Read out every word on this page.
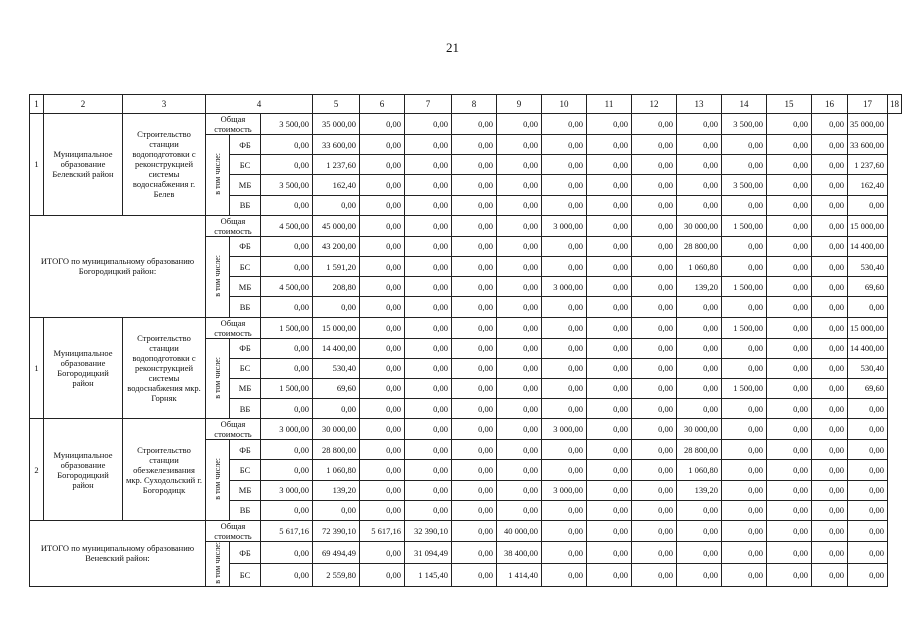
21
1	2	3	4			5	6	7	8	9	10	11	12	13	14	15	16	17	18
1	Муниципальное образование Белевский район	Строительство станции водоподготовки с реконструкцией системы водоснабжения г. Белев	Общая стоимость		3 500,00	35 000,00	0,00	0,00	0,00	0,00	0,00	0,00	0,00	0,00	3 500,00	0,00	0,00	35 000,00	
			в том числе:	ФБ	0,00	33 600,00	0,00	0,00	0,00	0,00	0,00	0,00	0,00	0,00	0,00	0,00	0,00	33 600,00	
				БС	0,00	1 237,60	0,00	0,00	0,00	0,00	0,00	0,00	0,00	0,00	0,00	0,00	0,00	1 237,60	
				МБ	3 500,00	162,40	0,00	0,00	0,00	0,00	0,00	0,00	0,00	0,00	3 500,00	0,00	0,00	162,40	
				ВБ	0,00	0,00	0,00	0,00	0,00	0,00	0,00	0,00	0,00	0,00	0,00	0,00	0,00	0,00	
ИТОГО по муниципальному образованию Богородицкий район:			Общая стоимость		4 500,00	45 000,00	0,00	0,00	0,00	0,00	3 000,00	0,00	0,00	30 000,00	1 500,00	0,00	0,00	15 000,00	
			в том числе:	ФБ	0,00	43 200,00	0,00	0,00	0,00	0,00	0,00	0,00	0,00	28 800,00	0,00	0,00	0,00	14 400,00	
				БС	0,00	1 591,20	0,00	0,00	0,00	0,00	0,00	0,00	0,00	1 060,80	0,00	0,00	0,00	530,40	
				МБ	4 500,00	208,80	0,00	0,00	0,00	0,00	3 000,00	0,00	0,00	139,20	1 500,00	0,00	0,00	69,60	
				ВБ	0,00	0,00	0,00	0,00	0,00	0,00	0,00	0,00	0,00	0,00	0,00	0,00	0,00	0,00	
1	Муниципальное образование Богородицкий район	Строительство станции водоподготовки с реконструкцией системы водоснабжения мкр. Горняк	Общая стоимость		1 500,00	15 000,00	0,00	0,00	0,00	0,00	0,00	0,00	0,00	0,00	1 500,00	0,00	0,00	15 000,00	
			в том числе:	ФБ	0,00	14 400,00	0,00	0,00	0,00	0,00	0,00	0,00	0,00	0,00	0,00	0,00	0,00	14 400,00	
				БС	0,00	530,40	0,00	0,00	0,00	0,00	0,00	0,00	0,00	0,00	0,00	0,00	0,00	530,40	
				МБ	1 500,00	69,60	0,00	0,00	0,00	0,00	0,00	0,00	0,00	0,00	1 500,00	0,00	0,00	69,60	
				ВБ	0,00	0,00	0,00	0,00	0,00	0,00	0,00	0,00	0,00	0,00	0,00	0,00	0,00	0,00	
2	Муниципальное образование Богородицкий район	Строительство станции обезжелезивания мкр. Суходольский г. Богородицк	Общая стоимость		3 000,00	30 000,00	0,00	0,00	0,00	0,00	3 000,00	0,00	0,00	30 000,00	0,00	0,00	0,00	0,00	
			в том числе:	ФБ	0,00	28 800,00	0,00	0,00	0,00	0,00	0,00	0,00	0,00	28 800,00	0,00	0,00	0,00	0,00	
				БС	0,00	1 060,80	0,00	0,00	0,00	0,00	0,00	0,00	0,00	1 060,80	0,00	0,00	0,00	0,00	
				МБ	3 000,00	139,20	0,00	0,00	0,00	0,00	3 000,00	0,00	0,00	139,20	0,00	0,00	0,00	0,00	
				ВБ	0,00	0,00	0,00	0,00	0,00	0,00	0,00	0,00	0,00	0,00	0,00	0,00	0,00	0,00	
ИТОГО по муниципальному образованию Веневский район:			Общая стоимость		5 617,16	72 390,10	5 617,16	32 390,10	0,00	40 000,00	0,00	0,00	0,00	0,00	0,00	0,00	0,00	0,00	
			в том числе:	ФБ	0,00	69 494,49	0,00	31 094,49	0,00	38 400,00	0,00	0,00	0,00	0,00	0,00	0,00	0,00	0,00	
				БС	0,00	2 559,80	0,00	1 145,40	0,00	1 414,40	0,00	0,00	0,00	0,00	0,00	0,00	0,00	0,00	
